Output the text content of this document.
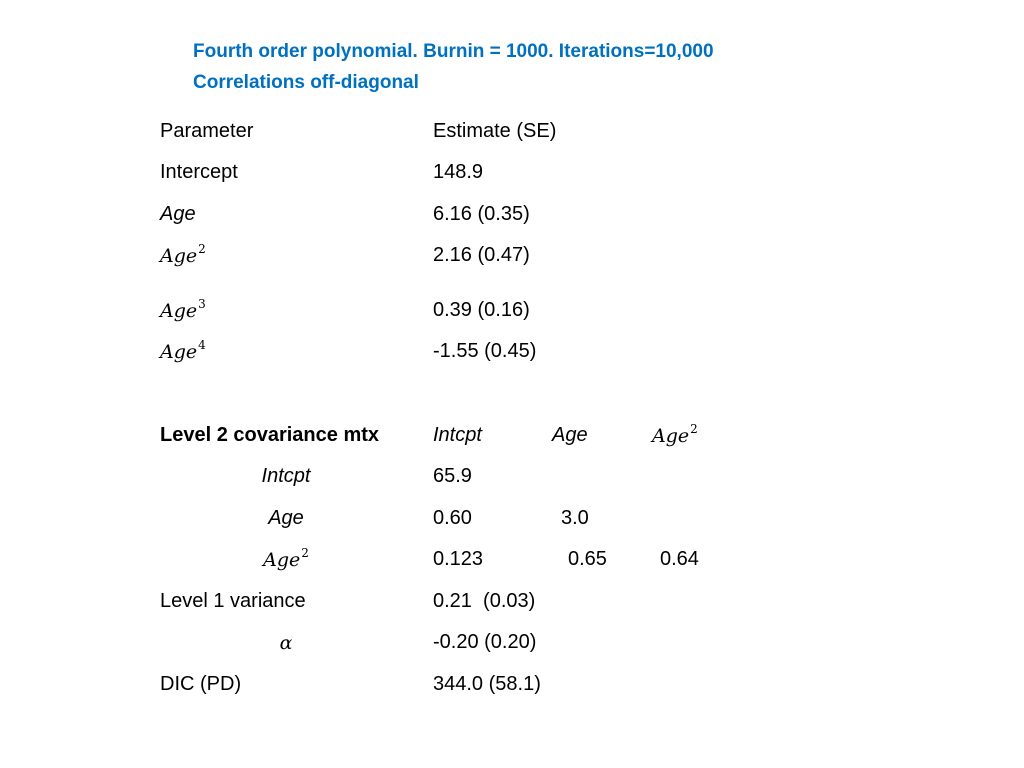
Fourth order polynomial. Burnin = 1000. Iterations=10,000
Correlations off-diagonal
Parameter	Estimate (SE)
Intercept	148.9
Age	6.16 (0.35)
Age$^2$	2.16 (0.47)
Age$^3$	0.39 (0.16)
Age$^4$	-1.55 (0.45)
Level 2 covariance mtx	Intcpt	Age	Age$^2$
Intcpt	65.9
Age	0.60	3.0
Age$^2$	0.123	0.65	0.64
Level 1 variance	0.21  (0.03)
α	-0.20 (0.20)
DIC (PD)	344.0 (58.1)
